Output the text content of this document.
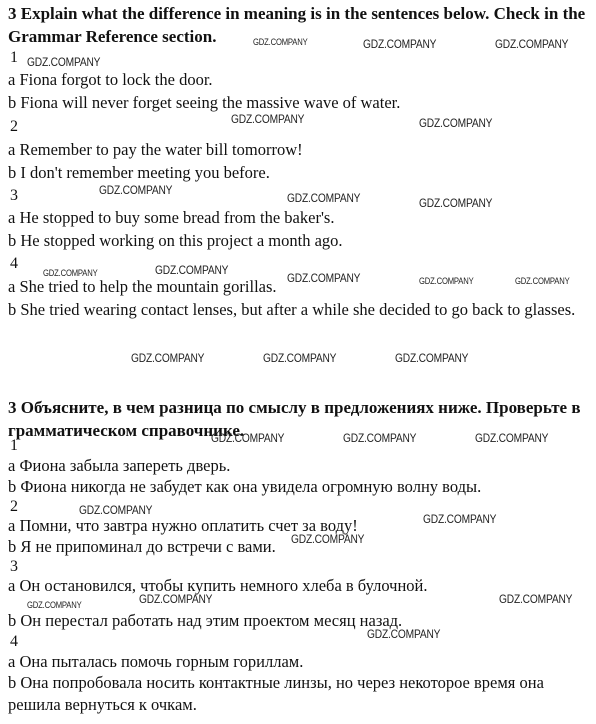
3 Explain what the difference in meaning is in the sentences below. Check in the Grammar Reference section.

1
a Fiona forgot to lock the door.
b Fiona will never forget seeing the massive wave of water.
2
a Remember to pay the water bill tomorrow!
b I don't remember meeting you before.
3
a He stopped to buy some bread from the baker's.
b He stopped working on this project a month ago.
4
a She tried to help the mountain gorillas.
b She tried wearing contact lenses, but after a while she decided to go back to glasses.

3 Объясните, в чем разница по смыслу в предложениях ниже. Проверьте в грамматическом справочнике.

1
a Фиона забыла запереть дверь.
b Фиона никогда не забудет как она увидела огромную волну воды.
2
a Помни, что завтра нужно оплатить счет за воду!
b Я не припоминал до встречи с вами.
3
a Он остановился, чтобы купить немного хлеба в булочной.
b Он перестал работать над этим проектом месяц назад.
4
a Она пыталась помочь горным гориллам.
b Она попробовала носить контактные линзы, но через некоторое время она решила вернуться к очкам.
GDZ.COMPANY	GDZ.COMPANY	GDZ.COMPANY
GDZ.COMPANY
GDZ.COMPANY	GDZ.COMPANY
GDZ.COMPANY
GDZ.COMPANY	GDZ.COMPANY
GDZ.COMPANY	GDZ.COMPANY
GDZ.COMPANY	GDZ.COMPANY	GDZ.COMPANY
GDZ.COMPANY	GDZ.COMPANY	GDZ.COMPANY
GDZ.COMPANY	GDZ.COMPANY	GDZ.COMPANY
GDZ.COMPANY
GDZ.COMPANY
GDZ.COMPANY
GDZ.COMPANY	GDZ.COMPANY	GDZ.COMPANY
GDZ.COMPANY
